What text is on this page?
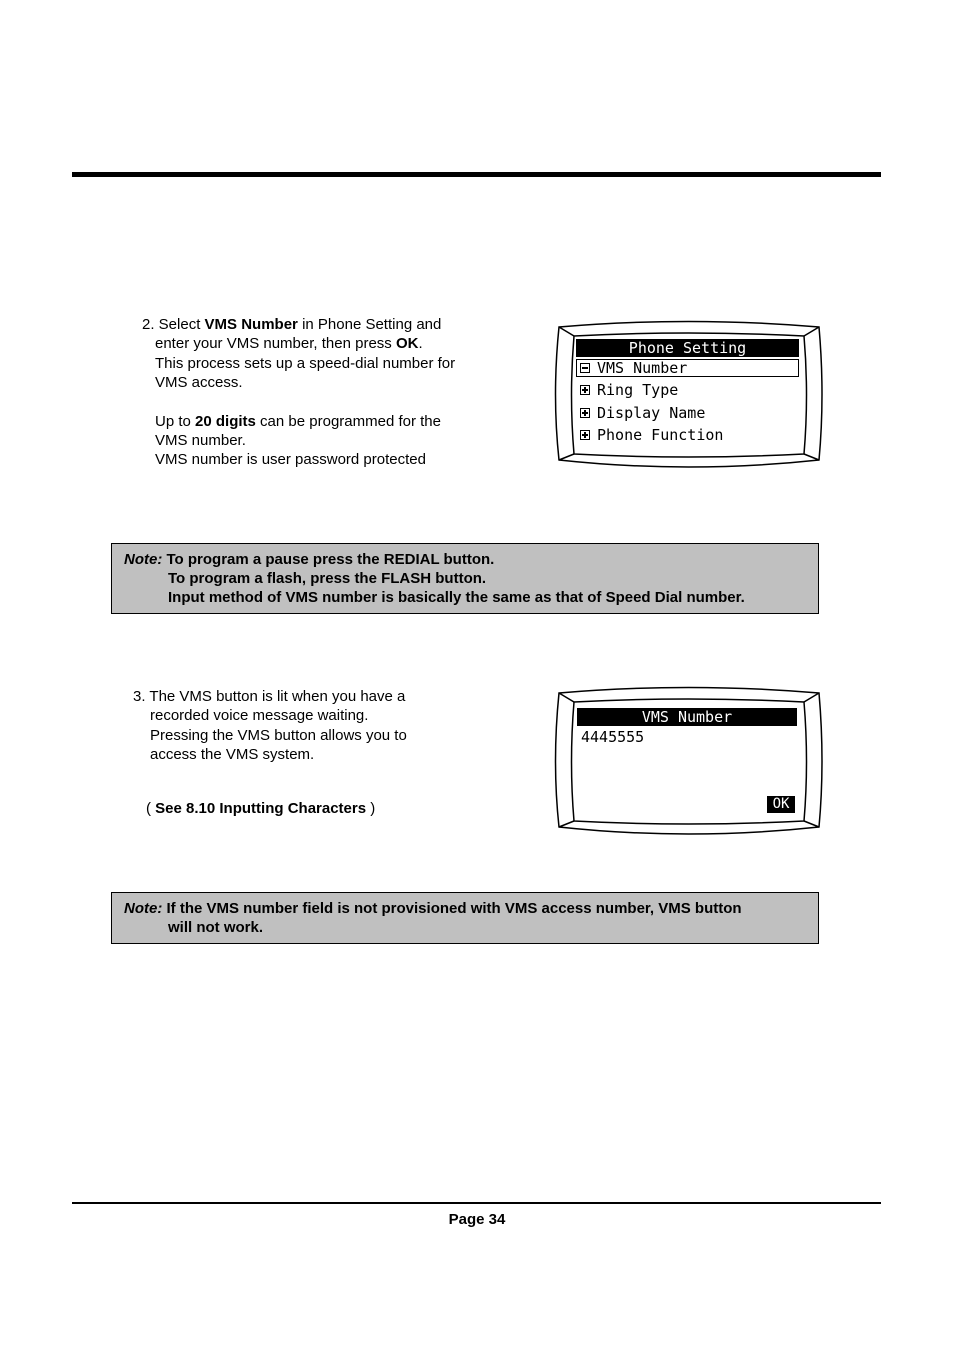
2. Select VMS Number in Phone Setting and

enter your VMS number, then press OK.

This process sets up a speed-dial number for

VMS access.

Up to 20 digits can be programmed for the

VMS number.

VMS number is user password protected

Phone Setting
VMS Number
Ring Type
Display Name
Phone Function
Note: To program a pause press the REDIAL button.
To program a flash, press the FLASH button.
Input method of VMS number is basically the same as that of Speed Dial number.

3. The VMS button is lit when you have a

recorded voice message waiting.

Pressing the VMS button allows you to

access the VMS system.

( See 8.10 Inputting Characters )
VMS Number
4445555
OK
Note: If the VMS number field is not provisioned with VMS access number, VMS button
will not work.
Page 34
